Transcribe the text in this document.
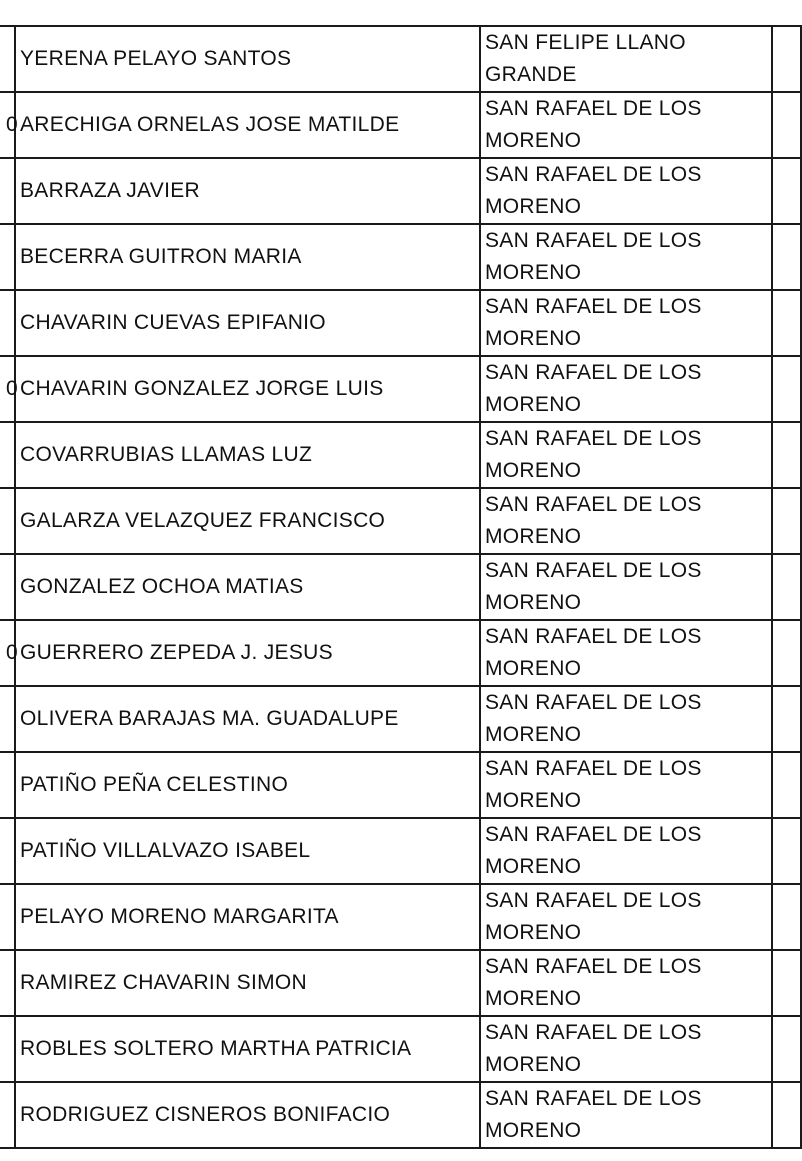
	YERENA PELAYO SANTOS	SAN FELIPE LLANO
GRANDE	

0	ARECHIGA ORNELAS JOSE MATILDE	SAN RAFAEL DE LOS
MORENO	

	BARRAZA JAVIER	SAN RAFAEL DE LOS
MORENO	

	BECERRA GUITRON MARIA	SAN RAFAEL DE LOS
MORENO	

	CHAVARIN CUEVAS EPIFANIO	SAN RAFAEL DE LOS
MORENO	

0	CHAVARIN GONZALEZ JORGE LUIS	SAN RAFAEL DE LOS
MORENO	

	COVARRUBIAS LLAMAS LUZ	SAN RAFAEL DE LOS
MORENO	

	GALARZA VELAZQUEZ FRANCISCO	SAN RAFAEL DE LOS
MORENO	

	GONZALEZ OCHOA MATIAS	SAN RAFAEL DE LOS
MORENO	

0	GUERRERO ZEPEDA J. JESUS	SAN RAFAEL DE LOS
MORENO	

	OLIVERA BARAJAS MA. GUADALUPE	SAN RAFAEL DE LOS
MORENO	

	PATIÑO PEÑA CELESTINO	SAN RAFAEL DE LOS
MORENO	

	PATIÑO VILLALVAZO ISABEL	SAN RAFAEL DE LOS
MORENO	

	PELAYO MORENO MARGARITA	SAN RAFAEL DE LOS
MORENO	

	RAMIREZ CHAVARIN SIMON	SAN RAFAEL DE LOS
MORENO	

	ROBLES SOLTERO MARTHA PATRICIA	SAN RAFAEL DE LOS
MORENO	

	RODRIGUEZ CISNEROS BONIFACIO	SAN RAFAEL DE LOS
MORENO	
